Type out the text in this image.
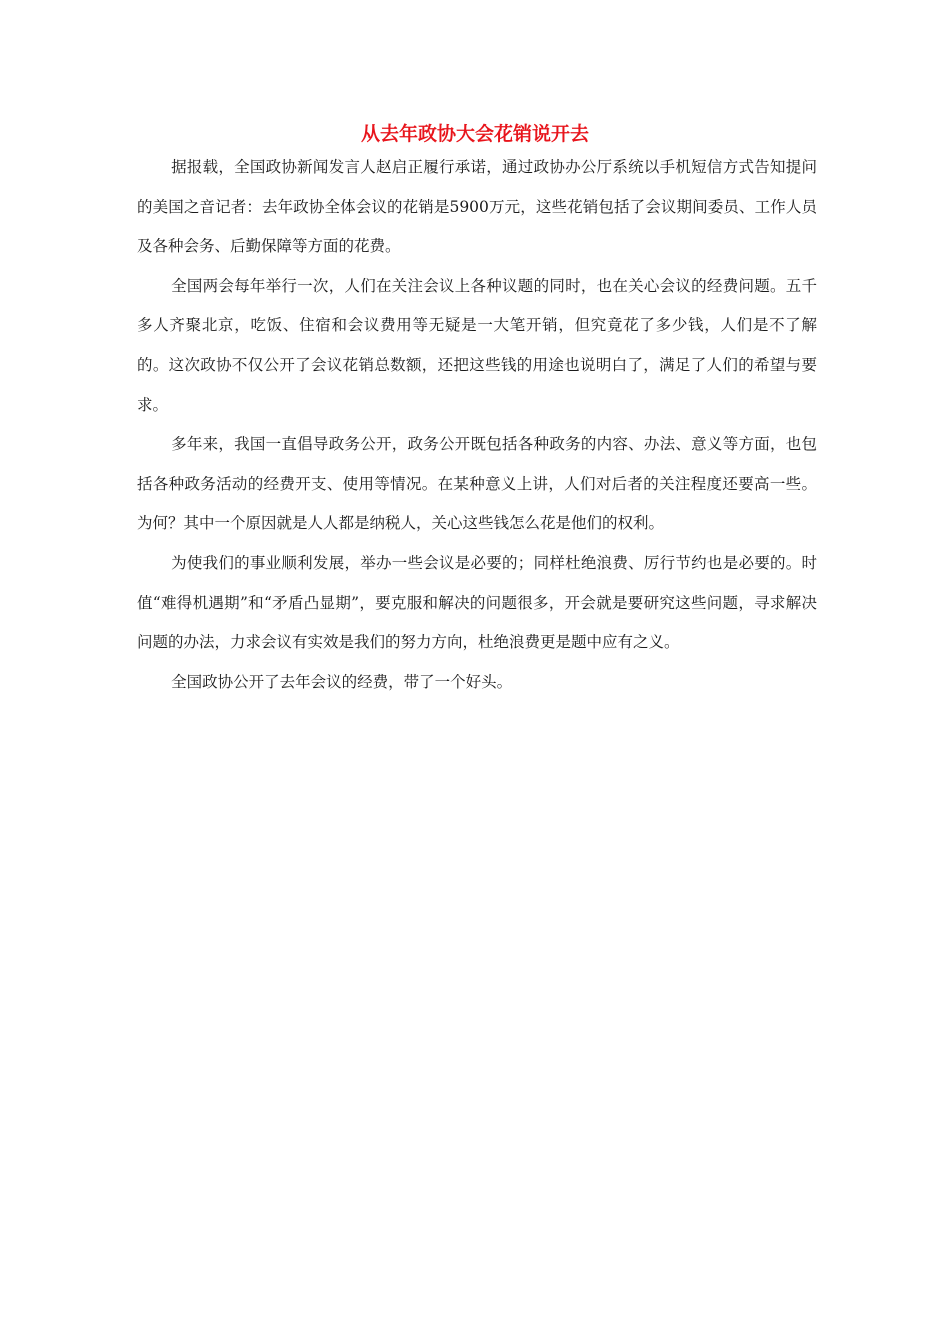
从去年政协大会花销说开去

据报载，全国政协新闻发言人赵启正履行承诺，通过政协办公厅系统以手机短信方式告知提问的美国之音记者：去年政协全体会议的花销是5900万元，这些花销包括了会议期间委员、工作人员及各种会务、后勤保障等方面的花费。

全国两会每年举行一次，人们在关注会议上各种议题的同时，也在关心会议的经费问题。五千多人齐聚北京，吃饭、住宿和会议费用等无疑是一大笔开销，但究竟花了多少钱，人们是不了解的。这次政协不仅公开了会议花销总数额，还把这些钱的用途也说明白了，满足了人们的希望与要求。

多年来，我国一直倡导政务公开，政务公开既包括各种政务的内容、办法、意义等方面，也包括各种政务活动的经费开支、使用等情况。在某种意义上讲，人们对后者的关注程度还要高一些。为何？其中一个原因就是人人都是纳税人，关心这些钱怎么花是他们的权利。

为使我们的事业顺利发展，举办一些会议是必要的；同样杜绝浪费、厉行节约也是必要的。时值“难得机遇期”和“矛盾凸显期”，要克服和解决的问题很多，开会就是要研究这些问题，寻求解决问题的办法，力求会议有实效是我们的努力方向，杜绝浪费更是题中应有之义。

全国政协公开了去年会议的经费，带了一个好头。
